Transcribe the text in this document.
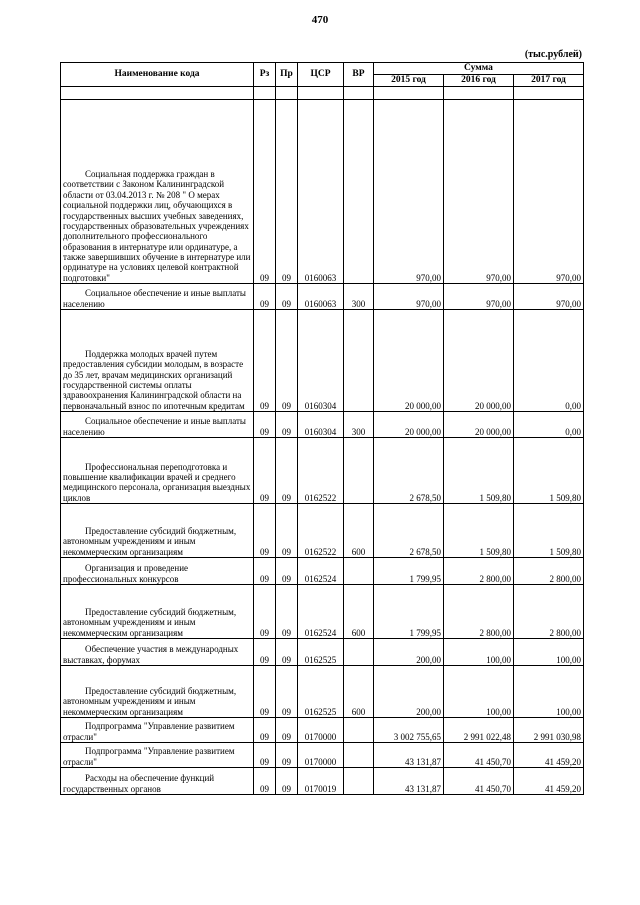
470
(тыс.рублей)
Наименование кода	Рз	Пр	ЦСР	ВР	Сумма		
					2015 год	2016 год	2017 год

Социальная поддержка граждан в соответствии с Законом Калининградской области от 03.04.2013 г. № 208 " О мерах социальной поддержки лиц, обучающихся в государственных высших учебных заведениях, государственных образовательных учреждениях дополнительного профессионального образования в интернатуре или ординатуре, а также завершивших обучение в интернатуре или ординатуре на условиях целевой контрактной подготовки"	09	09	0160063		970,00	970,00	970,00

Социальное обеспечение и иные выплаты населению	09	09	0160063	300	970,00	970,00	970,00

Поддержка молодых врачей путем предоставления субсидии молодым, в возрасте до 35 лет, врачам медицинских организаций государственной системы оплаты здравоохранения Калининградской области на первоначальный взнос по ипотечным кредитам	09	09	0160304		20 000,00	20 000,00	0,00

Социальное обеспечение и иные выплаты населению	09	09	0160304	300	20 000,00	20 000,00	0,00

Профессиональная переподготовка и повышение квалификации врачей и среднего медицинского персонала, организация выездных циклов	09	09	0162522		2 678,50	1 509,80	1 509,80

Предоставление субсидий бюджетным, автономным учреждениям и иным некоммерческим организациям	09	09	0162522	600	2 678,50	1 509,80	1 509,80

Организация и проведение профессиональных конкурсов	09	09	0162524		1 799,95	2 800,00	2 800,00

Предоставление субсидий бюджетным, автономным учреждениям и иным некоммерческим организациям	09	09	0162524	600	1 799,95	2 800,00	2 800,00

Обеспечение участия в международных выставках, форумах	09	09	0162525		200,00	100,00	100,00

Предоставление субсидий бюджетным, автономным учреждениям и иным некоммерческим организациям	09	09	0162525	600	200,00	100,00	100,00

Подпрограмма "Управление развитием отрасли"	09	09	0170000		3 002 755,65	2 991 022,48	2 991 030,98

Подпрограмма "Управление развитием отрасли"	09	09	0170000		43 131,87	41 450,70	41 459,20

Расходы на обеспечение функций государственных органов	09	09	0170019		43 131,87	41 450,70	41 459,20
